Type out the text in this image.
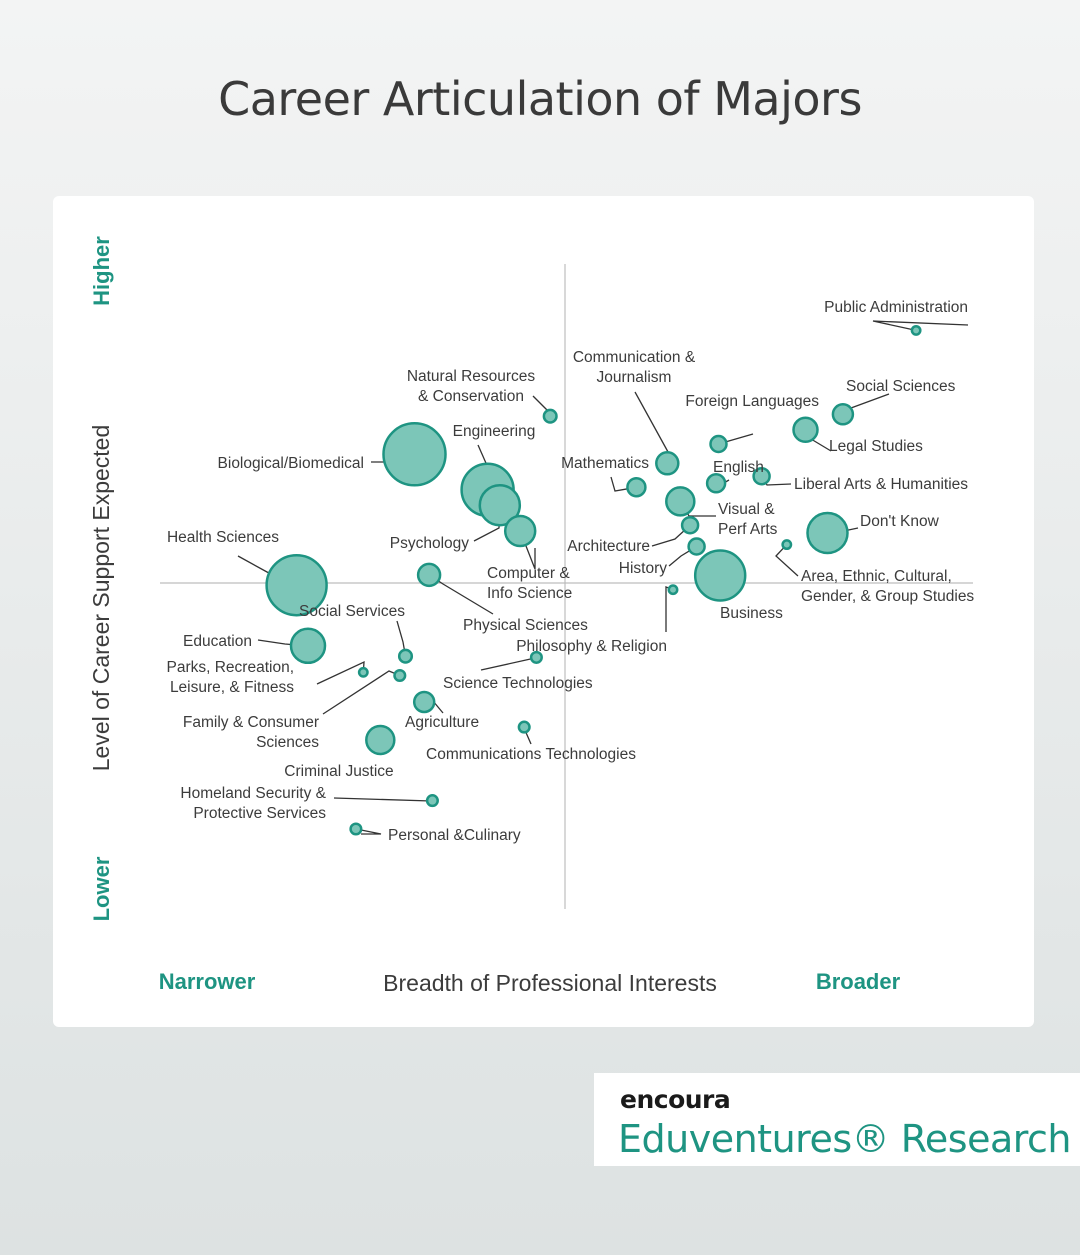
Career Articulation of Majors
Public Administration
Natural Resources & Conservation
Communication & Journalism
Social Sciences
Foreign Languages
Legal Studies
Biological/Biomedical
Engineering
Mathematics	English
Liberal Arts & Humanities
Visual & Perf Arts
Psychology	Architecture
Don't Know
Computer & Info Science
Health Sciences
History	Area, Ethnic, Cultural, Gender, & Group Studies
Business
Physical Sciences
Philosophy & Religion
Social Services
Education
Parks, Recreation, Leisure, & Fitness
Family & Consumer Sciences
Science Technologies
Agriculture
Communications Technologies
Criminal Justice
Homeland Security & Protective Services
Personal &Culinary
Higher
Lower
Level of Career Support Expected
Narrower	Breadth of Professional Interests	Broader
encoura
Eduventures® Research
